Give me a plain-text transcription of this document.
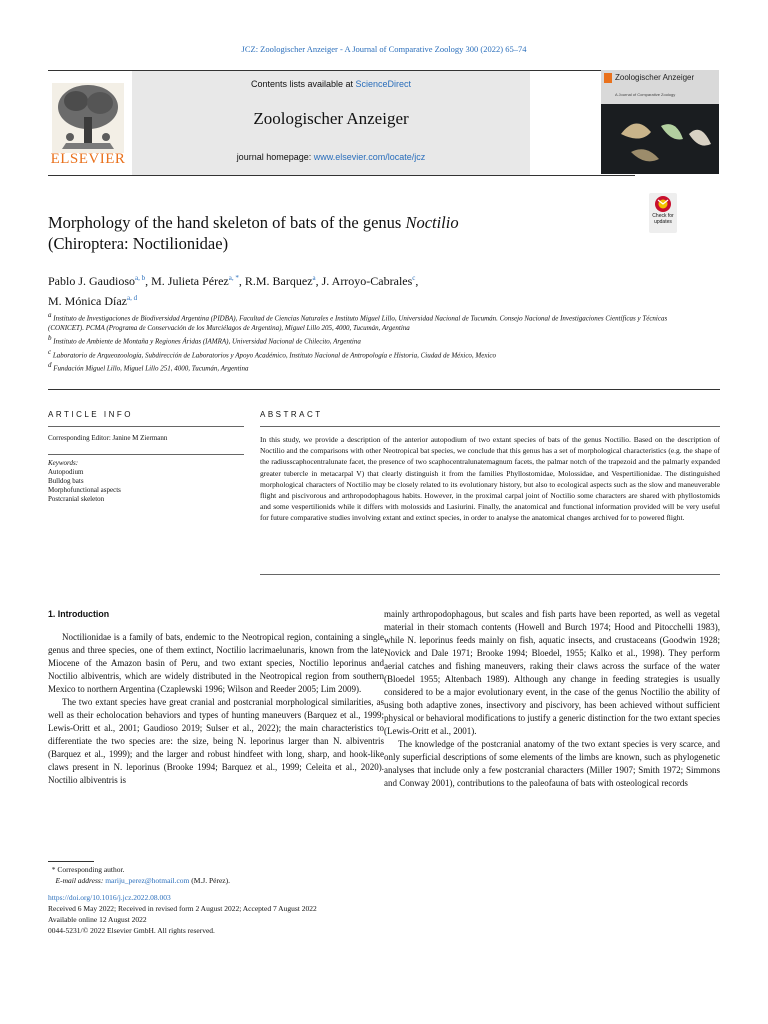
JCZ: Zoologischer Anzeiger - A Journal of Comparative Zoology 300 (2022) 65–74
ELSEVIER
Contents lists available at ScienceDirect
Zoologischer Anzeiger
journal homepage: www.elsevier.com/locate/jcz
Zoologischer Anzeiger
A Journal of Comparative Zoology
Morphology of the hand skeleton of bats of the genus Noctilio
(Chiroptera: Noctilionidae)
Check for updates
Pablo J. Gaudioso$^{a, b}$, M. Julieta Pérez$^{a, *}$, R.M. Barquez$^a$, J. Arroyo-Cabrales$^c$,
M. Mónica Díaz$^{a, d}$

$^a$ Instituto de Investigaciones de Biodiversidad Argentina (PIDBA), Facultad de Ciencias Naturales e Instituto Miguel Lillo, Universidad Nacional de Tucumán. Consejo Nacional de Investigaciones Científicas y Técnicas (CONICET). PCMA (Programa de Conservación de los Murciélagos de Argentina), Miguel Lillo 205, 4000, Tucumán, Argentina

$^b$ Instituto de Ambiente de Montaña y Regiones Áridas (IAMRA), Universidad Nacional de Chilecito, Argentina

$^c$ Laboratorio de Arqueozoología, Subdirección de Laboratorios y Apoyo Académico, Instituto Nacional de Antropología e Historia, Ciudad de México, Mexico

$^d$ Fundación Miguel Lillo, Miguel Lillo 251, 4000, Tucumán, Argentina

ARTICLE INFO	ABSTRACT
Corresponding Editor: Janine M Ziermann
Keywords:
Autopodium
Bulldog bats
Morphofunctional aspects
Postcranial skeleton
In this study, we provide a description of the anterior autopodium of two extant species of bats of the genus Noctilio. Based on the description of Noctilio and the comparisons with other Neotropical bat species, we conclude that this genus has a set of morphological characteristics (e.g. the shape of the radiusscaphocentralunate facet, the presence of two scaphocentralunatemagnum facets, the palmar notch of the trapezoid and the palmarly expanded greater tubercle in metacarpal V) that clearly distinguish it from the families Phyllostomidae, Molossidae, and Vespertilionidae. The distinguished morphological characters of Noctilio may be closely related to its evolutionary history, but also to ecological aspects such as the slow and maneuverable flight and piscivorous and arthropodophagous habits. However, in the proximal carpal joint of Noctilio some characters are shared with phyllostomids and some vespertilionids while it differs with molossids and Lasiurini. Finally, the anatomical and functional information provided will be very useful for future comparative studies involving extant and extinct species, in order to analyse the anatomical changes archived for to powered flight.

1. Introduction

Noctilionidae is a family of bats, endemic to the Neotropical region, containing a single genus and three species, one of them extinct, Noctilio lacrimaelunaris, known from the late Miocene of the Amazon basin of Peru, and two extant species, Noctilio leporinus and Noctilio albiventris, which are widely distributed in the Neotropical region from southern Mexico to northern Argentina (Czaplewski 1996; Wilson and Reeder 2005; Lim 2009).

The two extant species have great cranial and postcranial morphological similarities, as well as their echolocation behaviors and types of hunting maneuvers (Barquez et al., 1999; Lewis-Oritt et al., 2001; Gaudioso 2019; Sulser et al., 2022); the main characteristics to differentiate the two species are: the size, being N. leporinus larger than N. albiventris (Barquez et al., 1999); and the larger and robust hindfeet with long, sharp, and hook-like claws present in N. leporinus (Brooke 1994; Barquez et al., 1999; Celeita et al., 2020). Noctilio albiventris is

mainly arthropodophagous, but scales and fish parts have been reported, as well as vegetal material in their stomach contents (Howell and Burch 1974; Hood and Pitocchelli 1983), while N. leporinus feeds mainly on fish, aquatic insects, and crustaceans (Goodwin 1928; Novick and Dale 1971; Brooke 1994; Bloedel, 1955; Kalko et al., 1998). They perform aerial catches and fishing maneuvers, raking their claws across the surface of the water (Bloedel 1955; Altenbach 1989). Although any change in feeding strategies is usually considered to be a major evolutionary event, in the case of the genus Noctilio the ability of using both adaptive zones, insectivory and piscivory, has been achieved without sufficient physical or behavioral modifications to justify a generic distinction for the two extant species (Lewis-Oritt et al., 2001).

The knowledge of the postcranial anatomy of the two extant species is very scarce, and only superficial descriptions of some elements of the limbs are known, such as phylogenetic analyses that include only a few postcranial characters (Miller 1907; Smith 1972; Simmons and Conway 2001), contributions to the paleofauna of bats with osteological records

* Corresponding author.

E-mail address: mariju_perez@hotmail.com (M.J. Pérez).

https://doi.org/10.1016/j.jcz.2022.08.003

Received 6 May 2022; Received in revised form 2 August 2022; Accepted 7 August 2022

Available online 12 August 2022

0044-5231/© 2022 Elsevier GmbH. All rights reserved.
